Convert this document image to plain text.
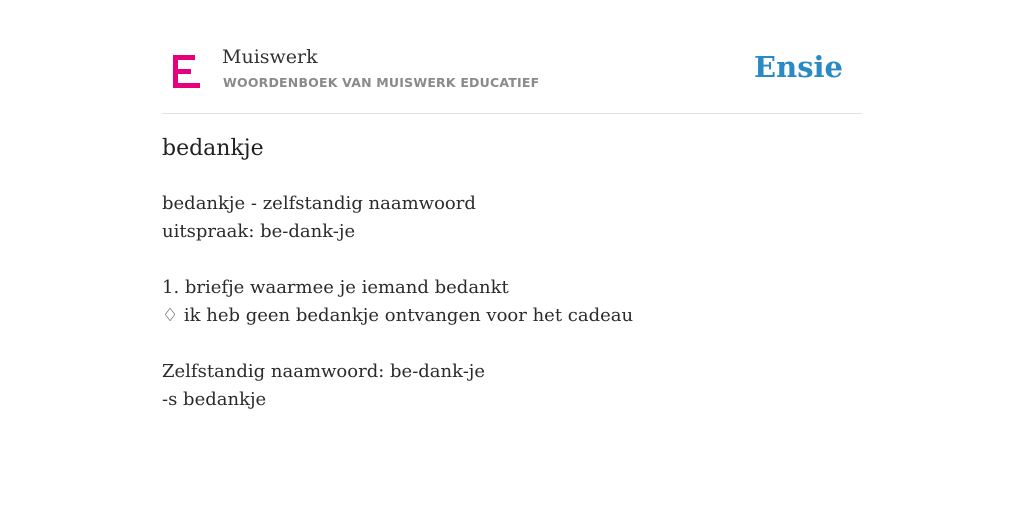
Muiswerk
WOORDENBOEK VAN MUISWERK EDUCATIEF	Ensie
bedankje
bedankje - zelfstandig naamwoord
uitspraak: be-dank-je
1. briefje waarmee je iemand bedankt
♢ ik heb geen bedankje ontvangen voor het cadeau
Zelfstandig naamwoord: be-dank-je
-s bedankje
